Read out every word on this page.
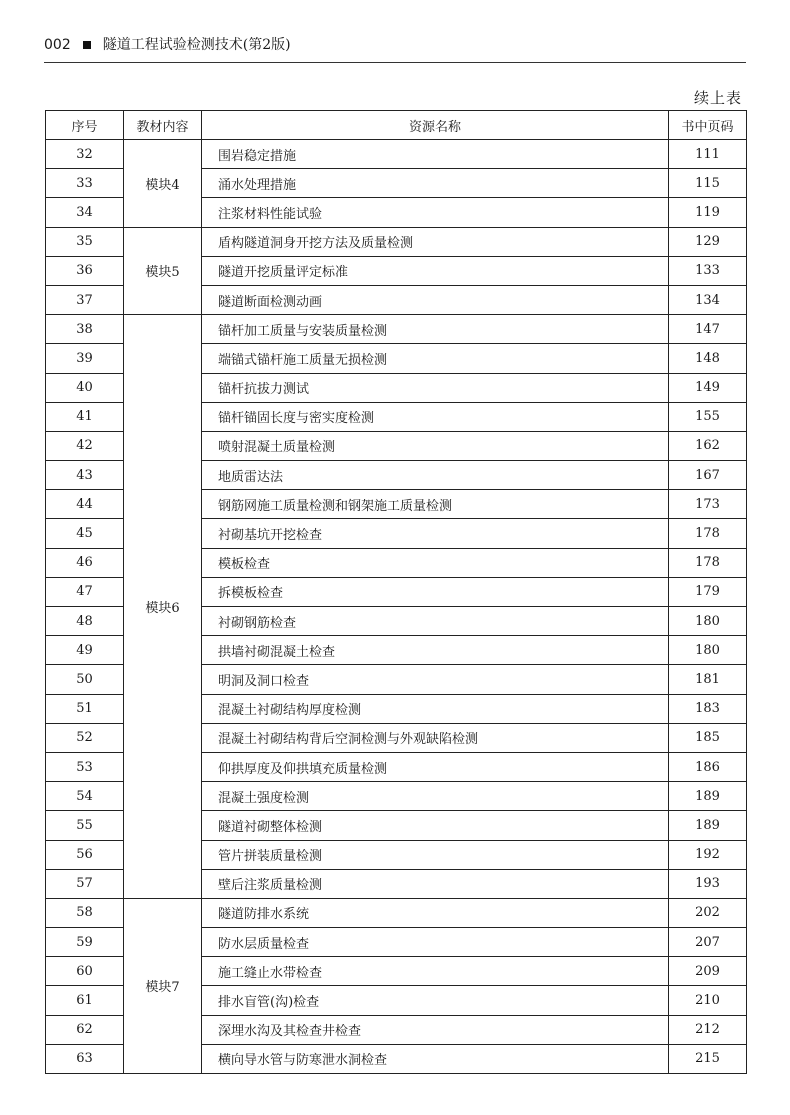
002 隧道工程试验检测技术(第2版)
续上表
序号	教材内容	资源名称	书中页码
32	模块4	围岩稳定措施	111
33		涌水处理措施	115
34		注浆材料性能试验	119
35	模块5	盾构隧道洞身开挖方法及质量检测	129
36		隧道开挖质量评定标准	133
37		隧道断面检测动画	134
38	模块6	锚杆加工质量与安装质量检测	147
39		端锚式锚杆施工质量无损检测	148
40		锚杆抗拔力测试	149
41		锚杆锚固长度与密实度检测	155
42		喷射混凝土质量检测	162
43		地质雷达法	167
44		钢筋网施工质量检测和钢架施工质量检测	173
45		衬砌基坑开挖检查	178
46		模板检查	178
47		拆模板检查	179
48		衬砌钢筋检查	180
49		拱墙衬砌混凝土检查	180
50		明洞及洞口检查	181
51		混凝土衬砌结构厚度检测	183
52		混凝土衬砌结构背后空洞检测与外观缺陷检测	185
53		仰拱厚度及仰拱填充质量检测	186
54		混凝土强度检测	189
55		隧道衬砌整体检测	189
56		管片拼装质量检测	192
57		壁后注浆质量检测	193
58	模块7	隧道防排水系统	202
59		防水层质量检查	207
60		施工缝止水带检查	209
61		排水盲管(沟)检查	210
62		深埋水沟及其检查井检查	212
63		横向导水管与防寒泄水洞检查	215
